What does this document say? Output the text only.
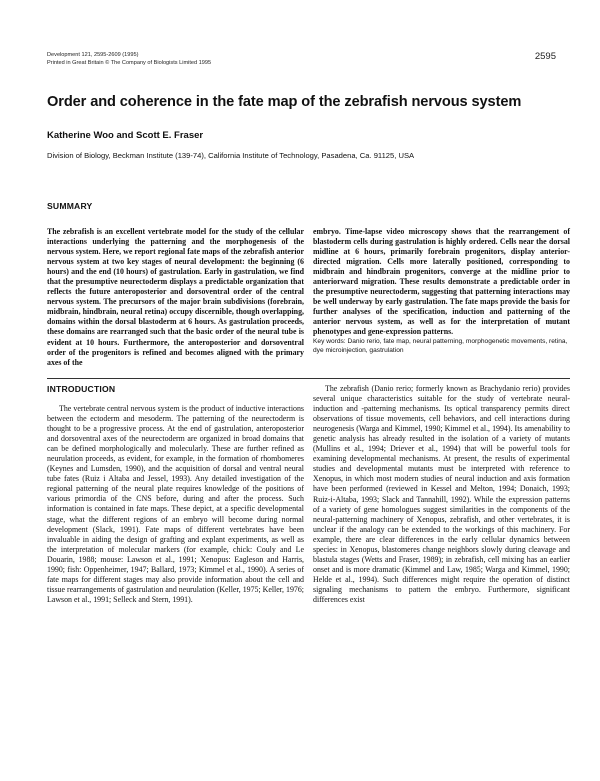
Development 121, 2595-2609 (1995)
Printed in Great Britain © The Company of Biologists Limited 1995
2595
Order and coherence in the fate map of the zebrafish nervous system
Katherine Woo and Scott E. Fraser
Division of Biology, Beckman Institute (139-74), California Institute of Technology, Pasadena, Ca. 91125, USA
SUMMARY

The zebrafish is an excellent vertebrate model for the study of the cellular interactions underlying the patterning and the morphogenesis of the nervous system. Here, we report regional fate maps of the zebrafish anterior nervous system at two key stages of neural development: the beginning (6 hours) and the end (10 hours) of gastrulation. Early in gastrulation, we find that the presumptive neurectoderm displays a predictable organization that reflects the future anteroposterior and dorsoventral order of the central nervous system. The precursors of the major brain subdivisions (forebrain, midbrain, hindbrain, neural retina) occupy discernible, though overlapping, domains within the dorsal blastoderm at 6 hours. As gastrulation proceeds, these domains are rearranged such that the basic order of the neural tube is evident at 10 hours. Furthermore, the anteroposterior and dorsoventral order of the progenitors is refined and becomes aligned with the primary axes of the

embryo. Time-lapse video microscopy shows that the rearrangement of blastoderm cells during gastrulation is highly ordered. Cells near the dorsal midline at 6 hours, primarily forebrain progenitors, display anterior-directed migration. Cells more laterally positioned, corresponding to midbrain and hindbrain progenitors, converge at the midline prior to anteriorward migration. These results demonstrate a predictable order in the presumptive neurectoderm, suggesting that patterning interactions may be well underway by early gastrulation. The fate maps provide the basis for further analyses of the specification, induction and patterning of the anterior nervous system, as well as for the interpretation of mutant phenotypes and gene-expression patterns.

Key words: Danio rerio, fate map, neural patterning, morphogenetic movements, retina, dye microinjection, gastrulation
INTRODUCTION

The vertebrate central nervous system is the product of inductive interactions between the ectoderm and mesoderm. The patterning of the neurectoderm is thought to be a progressive process. At the end of gastrulation, anteroposterior and dorsoventral axes of the neurectoderm are organized in broad domains that can be defined morphologically and molecularly. These are further refined as neurulation proceeds, as evident, for example, in the formation of rhombomeres (Keynes and Lumsden, 1990), and the acquisition of dorsal and ventral neural tube fates (Ruiz i Altaba and Jessel, 1993). Any detailed investigation of the regional patterning of the neural plate requires knowledge of the positions of various primordia of the CNS before, during and after the process. Such information is contained in fate maps. These depict, at a specific developmental stage, what the different regions of an embryo will become during normal development (Slack, 1991). Fate maps of different vertebrates have been invaluable in aiding the design of grafting and explant experiments, as well as the interpretation of molecular markers (for example, chick: Couly and Le Douarin, 1988; mouse: Lawson et al., 1991; Xenopus: Eagleson and Harris, 1990; fish: Oppenheimer, 1947; Ballard, 1973; Kimmel et al., 1990). A series of fate maps for different stages may also provide information about the cell and tissue rearrangements of gastrulation and neurulation (Keller, 1975; Keller, 1976; Lawson et al., 1991; Selleck and Stern, 1991).

The zebrafish (Danio rerio; formerly known as Brachydanio rerio) provides several unique characteristics suitable for the study of vertebrate neural-induction and -patterning mechanisms. Its optical transparency permits direct observations of tissue movements, cell behaviors, and cell interactions during neurogenesis (Warga and Kimmel, 1990; Kimmel et al., 1994). Its amenability to genetic analysis has already resulted in the isolation of a variety of mutants (Mullins et al., 1994; Driever et al., 1994) that will be powerful tools for examining developmental mechanisms. At present, the results of experimental studies and developmental mutants must be interpreted with reference to Xenopus, in which most modern studies of neural induction and axis formation have been performed (reviewed in Kessel and Melton, 1994; Donaich, 1993; Ruiz-i-Altaba, 1993; Slack and Tannahill, 1992). While the expression patterns of a variety of gene homologues suggest similarities in the components of the neural-patterning machinery of Xenopus, zebrafish, and other vertebrates, it is unclear if the analogy can be extended to the workings of this machinery. For example, there are clear differences in the early cellular dynamics between species: in Xenopus, blastomeres change neighbors slowly during cleavage and blastula stages (Wetts and Fraser, 1989); in zebrafish, cell mixing has an earlier onset and is more dramatic (Kimmel and Law, 1985; Warga and Kimmel, 1990; Helde et al., 1994). Such differences might require the operation of distinct signaling mechanisms to pattern the embryo. Furthermore, significant differences exist
